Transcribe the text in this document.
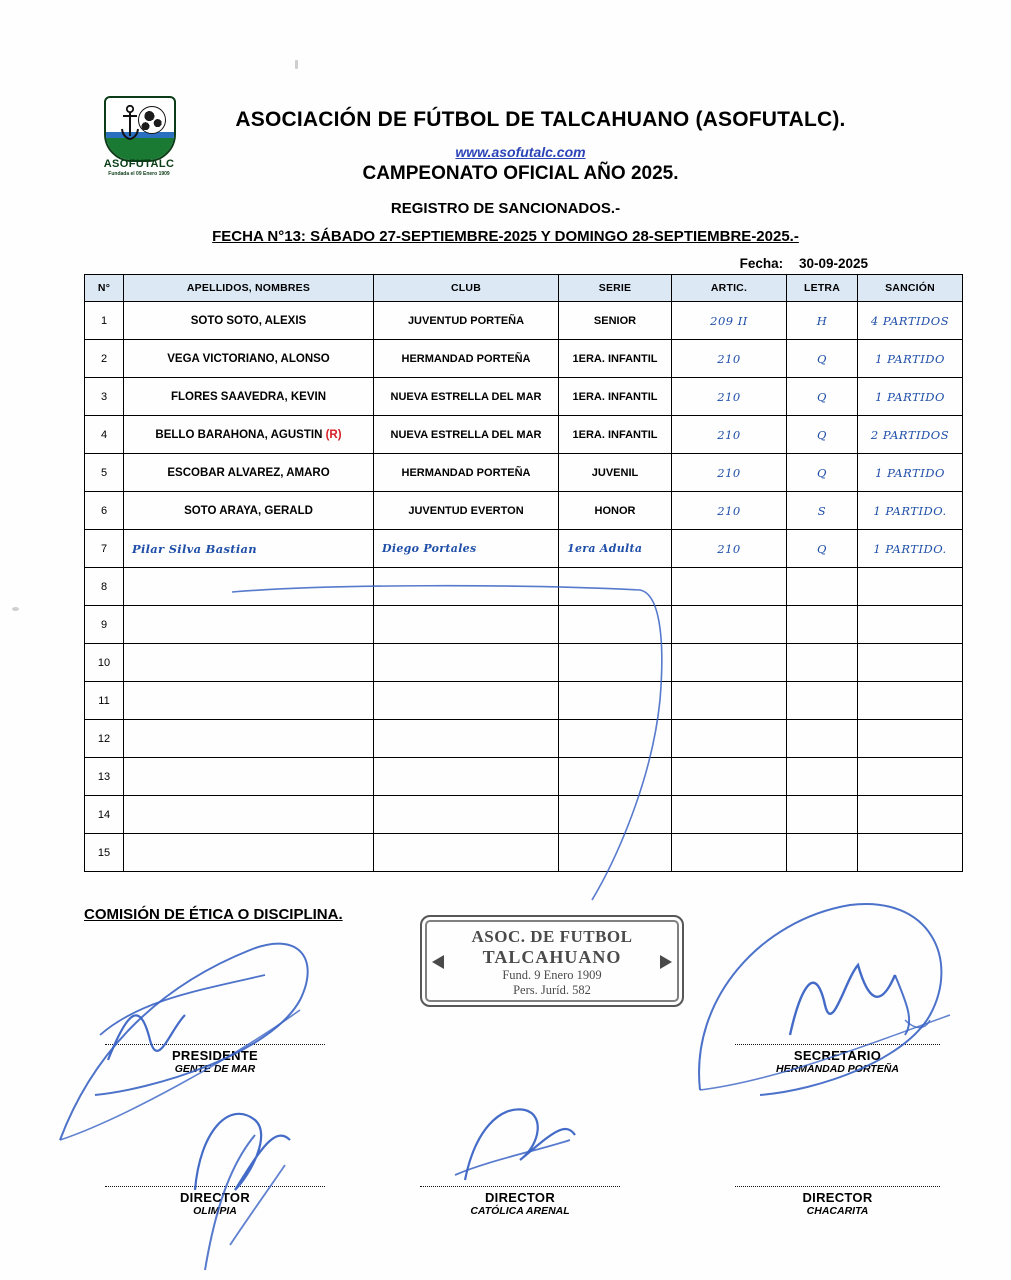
ASOFUTALC
Fundada el 09 Enero 1909
ASOCIACIÓN DE FÚTBOL DE TALCAHUANO (ASOFUTALC).
www.asofutalc.com
CAMPEONATO OFICIAL AÑO 2025.
REGISTRO DE SANCIONADOS.-
FECHA N°13: SÁBADO 27-SEPTIEMBRE-2025 Y DOMINGO 28-SEPTIEMBRE-2025.-
Fecha: 30-09-2025
N°	APELLIDOS, NOMBRES	CLUB	SERIE	ARTIC.	LETRA	SANCIÓN
1	SOTO SOTO, ALEXIS	JUVENTUD PORTEÑA	SENIOR	209 II	H	4 PARTIDOS
2	VEGA VICTORIANO, ALONSO	HERMANDAD PORTEÑA	1ERA. INFANTIL	210	Q	1 PARTIDO
3	FLORES SAAVEDRA, KEVIN	NUEVA ESTRELLA DEL MAR	1ERA. INFANTIL	210	Q	1 PARTIDO
4	BELLO BARAHONA, AGUSTIN (R)	NUEVA ESTRELLA DEL MAR	1ERA. INFANTIL	210	Q	2 PARTIDOS
5	ESCOBAR ALVAREZ, AMARO	HERMANDAD PORTEÑA	JUVENIL	210	Q	1 PARTIDO
6	SOTO ARAYA, GERALD	JUVENTUD EVERTON	HONOR	210	S	1 PARTIDO.
7	Pilar Silva Bastian	Diego Portales	1era Adulta	210	Q	1 PARTIDO.
8						
9						
10						
11						
12						
13						
14						
15						
COMISIÓN DE ÉTICA O DISCIPLINA.
ASOC. DE FUTBOL
TALCAHUANO
Fund. 9 Enero 1909
Pers. Juríd. 582
PRESIDENTE
GENTE DE MAR
SECRETARIO
HERMANDAD PORTEÑA
DIRECTOR
OLIMPIA
DIRECTOR
CATÓLICA ARENAL
DIRECTOR
CHACARITA
